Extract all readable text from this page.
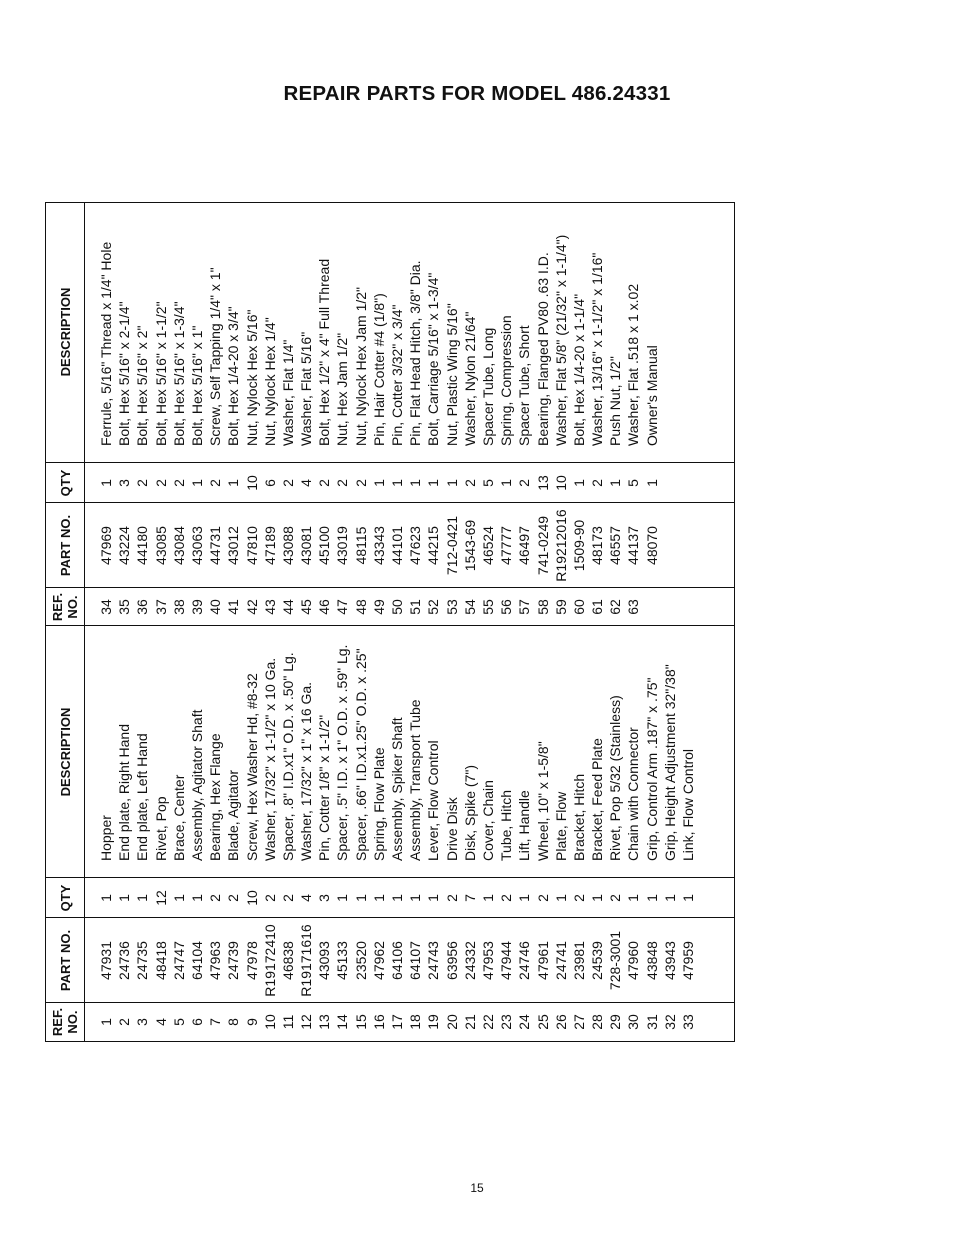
REPAIR PARTS FOR MODEL 486.24331
REF. NO.
PART NO.
QTY
DESCRIPTION
REF. NO.
PART NO.
QTY
DESCRIPTION
1 2 3 4 5 6 7 8 9 10 11 12 13 14 15 16 17 18 19 20 21 22 23 24 25 26 27 28 29 30 31 32 33
47931 24736 24735 48418 24747 64104 47963 24739 47978 R19172410 46838 R19171616 43093 45133 23520 47962 64106 64107 24743 63956 24332 47953 47944 24746 47961 24741 23981 24539 728-3001 47960 43848 43943 47959
1 1 1 12 1 1 2 2 10 2 2 4 3 1 1 1 1 1 1 2 7 1 2 1 2 1 2 1 2 1 1 1 1
Hopper End plate, Right Hand End plate, Left Hand Rivet, Pop Brace, Center Assembly, Agitator Shaft Bearing, Hex Flange Blade, Agitator Screw, Hex Washer Hd, #8-32 Washer, 17/32" x 1-1/2" x 10 Ga. Spacer, .8" I.D.x1" O.D. x .50" Lg. Washer, 17/32" x 1" x 16 Ga. Pin, Cotter 1/8" x 1-1/2" Spacer, .5" I.D. x 1" O.D. x .59" Lg. Spacer, .66" I.D.x1.25" O.D. x .25" Spring, Flow Plate Assembly, Spiker Shaft Assembly, Transport Tube Lever, Flow Control Drive Disk Disk, Spike (7") Cover, Chain Tube, Hitch Lift, Handle Wheel, 10" x 1-5/8" Plate, Flow Bracket, Hitch Bracket, Feed Plate Rivet, Pop 5/32 (Stainless) Chain with Connector Grip, Control Arm .187" x .75" Grip, Height Adjustment 32"/38" Link, Flow Control
34 35 36 37 38 39 40 41 42 43 44 45 46 47 48 49 50 51 52 53 54 55 56 57 58 59 60 61 62 63
47969 43224 44180 43085 43084 43063 44731 43012 47810 47189 43088 43081 45100 43019 48115 43343 44101 47623 44215 712-0421 1543-69 46524 47777 46497 741-0249 R19212016 1509-90 48173 46557 44137 48070
1 3 2 2 2 1 2 1 10 6 2 4 2 2 2 1 1 1 1 1 2 5 1 2 13 10 1 2 1 5 1
Ferrule, 5/16" Thread x 1/4" Hole Bolt, Hex 5/16" x 2-1/4" Bolt, Hex 5/16" x 2" Bolt, Hex 5/16" x 1-1/2" Bolt, Hex 5/16" x 1-3/4" Bolt, Hex 5/16" x 1" Screw, Self Tapping 1/4" x 1" Bolt, Hex 1/4-20 x 3/4" Nut, Nylock Hex 5/16" Nut, Nylock Hex 1/4" Washer, Flat 1/4" Washer, Flat 5/16" Bolt, Hex 1/2" x 4" Full Thread Nut, Hex Jam 1/2" Nut, Nylock Hex Jam 1/2" Pin, Hair Cotter #4 (1/8") Pin, Cotter 3/32" x 3/4" Pin, Flat Head Hitch, 3/8" Dia. Bolt, Carriage 5/16" x 1-3/4" Nut, Plastic Wing 5/16" Washer, Nylon 21/64" Spacer Tube, Long Spring, Compression Spacer Tube, Short Bearing, Flanged PV80 .63 I.D. Washer, Flat 5/8" (21/32" x 1-1/4") Bolt, Hex 1/4-20 x 1-1/4" Washer, 13/16" x 1-1/2" x 1/16" Push Nut, 1/2" Washer, Flat .518 x 1 x.02 Owner's Manual
15
